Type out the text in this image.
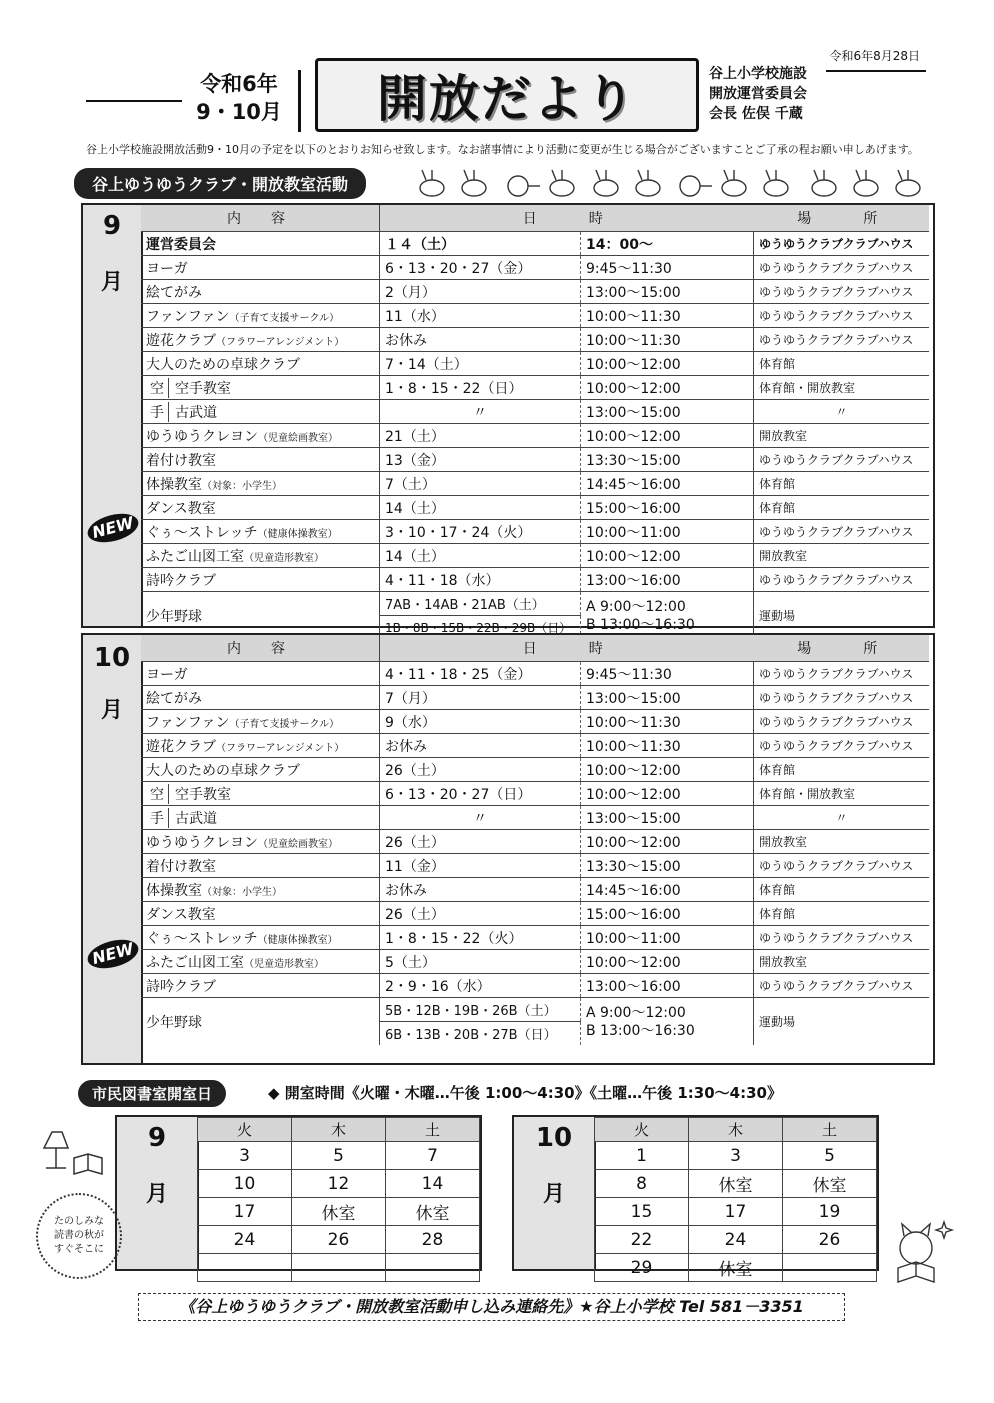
令和6年8月28日
令和6年
9・10月	開放だより	谷上小学校施設
開放運営委員会
会長 佐俣 千蔵
谷上小学校施設開放活動9・10月の予定を以下のとおりお知らせ致します。なお諸事情により活動に変更が生じる場合がございますことご了承の程お願い申しあげます。
谷上ゆうゆうクラブ・開放教室活動
9
月
NEW
内　容	日　　時		場　　所
運営委員会	１４（土）	14：00～	ゆうゆうクラブクラブハウス
ヨーガ	6・13・20・27（金）	9:45～11:30	ゆうゆうクラブクラブハウス
絵てがみ	2（月）	13:00～15:00	ゆうゆうクラブクラブハウス
ファンファン（子育て支援サークル）	11（水）	10:00～11:30	ゆうゆうクラブクラブハウス
遊花クラブ（フラワーアレンジメント）	お休み	10:00～11:30	ゆうゆうクラブクラブハウス
大人のための卓球クラブ	7・14（土）	10:00～12:00	体育館
空 空手教室	1・8・15・22（日）	10:00～12:00	体育館・開放教室
手 古武道	〃	13:00～15:00	〃
ゆうゆうクレヨン（児童絵画教室）	21（土）	10:00～12:00	開放教室
着付け教室	13（金）	13:30～15:00	ゆうゆうクラブクラブハウス
体操教室（対象：小学生）	7（土）	14:45～16:00	体育館
ダンス教室	14（土）	15:00～16:00	体育館
ぐぅ～ストレッチ（健康体操教室）	3・10・17・24（火）	10:00～11:00	ゆうゆうクラブクラブハウス
ふたご山図工室（児童造形教室）	14（土）	10:00～12:00	開放教室
詩吟クラブ	4・11・18（水）	13:00～16:00	ゆうゆうクラブクラブハウス
少年野球	7AB・14AB・21AB（土）	A 9:00～12:00
B 13:00～16:30	運動場
	1B・8B・15B・22B・29B（日）		
10
月
NEW
内　容	日　　時		場　　所
ヨーガ	4・11・18・25（金）	9:45～11:30	ゆうゆうクラブクラブハウス
絵てがみ	7（月）	13:00～15:00	ゆうゆうクラブクラブハウス
ファンファン（子育て支援サークル）	9（水）	10:00～11:30	ゆうゆうクラブクラブハウス
遊花クラブ（フラワーアレンジメント）	お休み	10:00～11:30	ゆうゆうクラブクラブハウス
大人のための卓球クラブ	26（土）	10:00～12:00	体育館
空 空手教室	6・13・20・27（日）	10:00～12:00	体育館・開放教室
手 古武道	〃	13:00～15:00	〃
ゆうゆうクレヨン（児童絵画教室）	26（土）	10:00～12:00	開放教室
着付け教室	11（金）	13:30～15:00	ゆうゆうクラブクラブハウス
体操教室（対象：小学生）	お休み	14:45～16:00	体育館
ダンス教室	26（土）	15:00～16:00	体育館
ぐぅ～ストレッチ（健康体操教室）	1・8・15・22（火）	10:00～11:00	ゆうゆうクラブクラブハウス
ふたご山図工室（児童造形教室）	5（土）	10:00～12:00	開放教室
詩吟クラブ	2・9・16（水）	13:00～16:00	ゆうゆうクラブクラブハウス
少年野球	5B・12B・19B・26B（土）	A 9:00～12:00
B 13:00～16:30	運動場
	6B・13B・20B・27B（日）		
市民図書室開室日	◆ 開室時間《火曜・木曜…午後 1:00～4:30》《土曜…午後 1:30～4:30》
9
月
火	木	土
3	5	7
10	12	14
17	休室	休室
24	26	28

10
月
火	木	土
1	3	5
8	休室	休室
15	17	19
22	24	26
29	休室	
たのしみな
読書の秋が
すぐそこに
《谷上ゆうゆうクラブ・開放教室活動申し込み連絡先》★谷上小学校 Tel 581－3351
